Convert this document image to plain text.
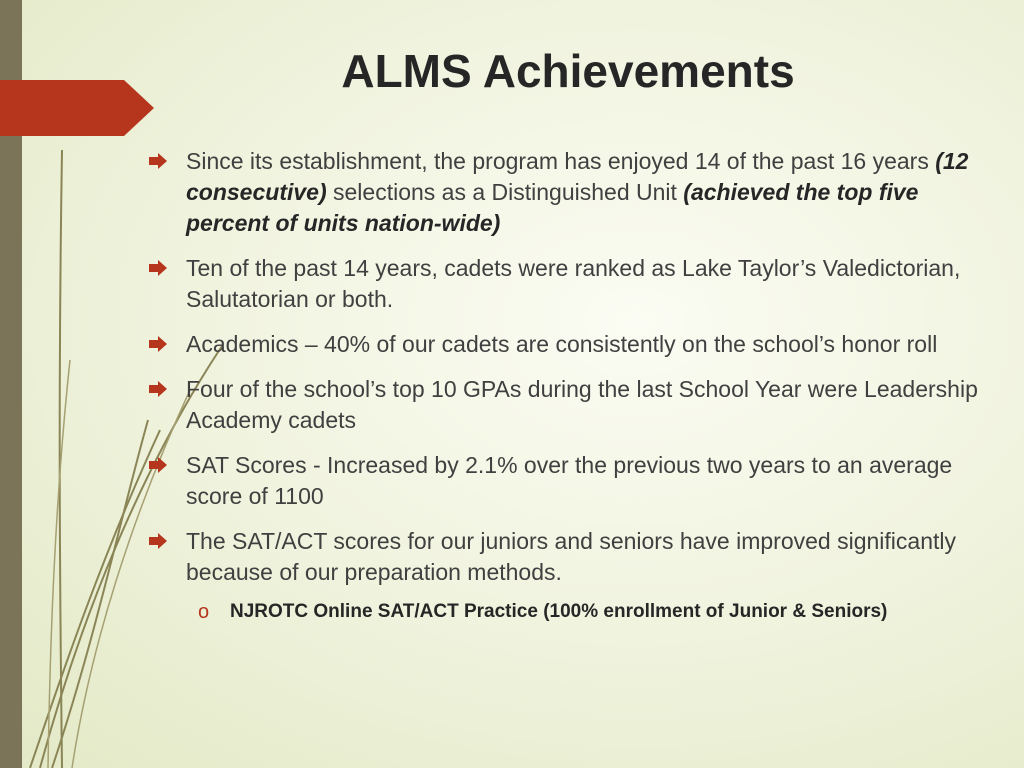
ALMS Achievements
Since its establishment, the program has enjoyed 14 of the past 16 years (12 consecutive) selections as a Distinguished Unit (achieved the top five percent of units nation-wide)
Ten of the past 14 years, cadets were ranked as Lake Taylor’s Valedictorian, Salutatorian or both.
Academics – 40% of our cadets are consistently on the school’s honor roll
Four of the school’s top 10 GPAs during the last School Year were Leadership Academy cadets
SAT Scores - Increased by 2.1% over the previous two years to an average score of 1100
The SAT/ACT scores for our juniors and seniors have improved significantly because of our preparation methods.
o NJROTC Online SAT/ACT Practice (100% enrollment of Junior & Seniors)
